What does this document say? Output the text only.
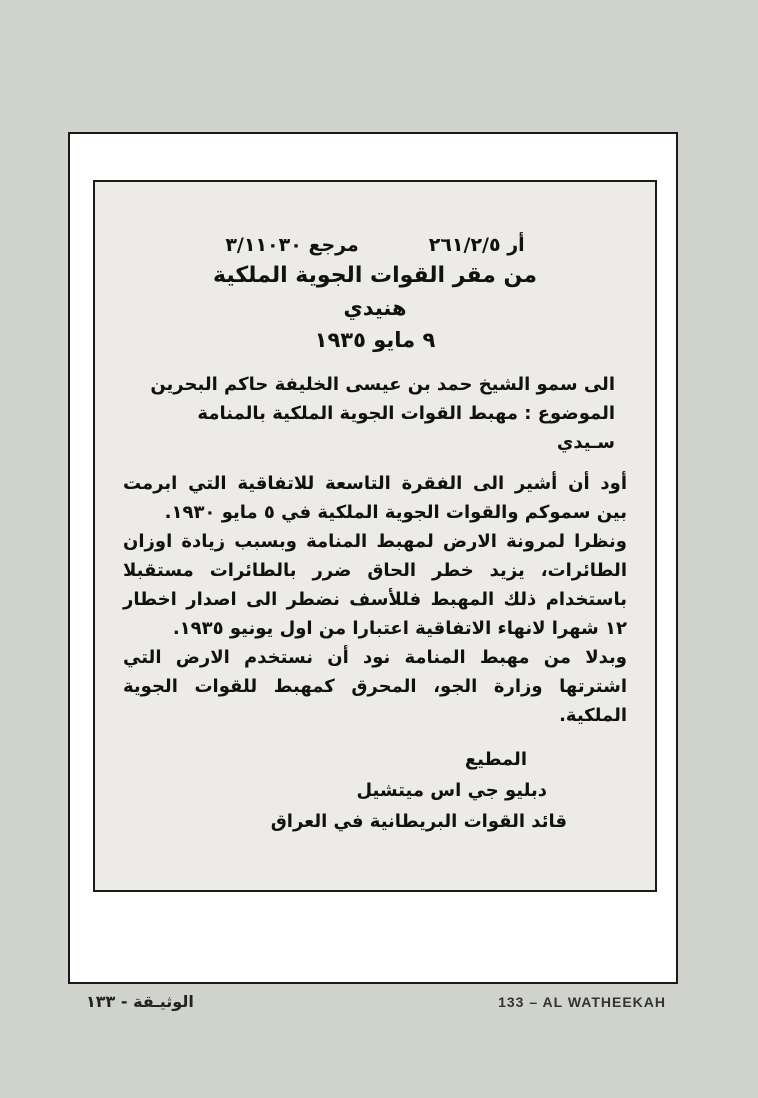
أر ٢٦١/٢/٥
مرجع ٣/١١٠٣٠
من مقر القوات الجوية الملكية
هنيدي
٩ مايو ١٩٣٥
الى سمو الشيخ حمد بن عيسى الخليفة حاكم البحرين
الموضوع : مهبط القوات الجوية الملكية بالمنامة
سـيدي
أود أن أشير الى الفقرة التاسعة للاتفاقية التي ابرمت بين سموكم والقوات الجوية الملكية في ٥ مايو ١٩٣٠.
ونظرا لمرونة الارض لمهبط المنامة وبسبب زيادة اوزان الطائرات، يزيد خطر الحاق ضرر بالطائرات مستقبلا باستخدام ذلك المهبط فللأسف نضطر الى اصدار اخطار ١٢ شهرا لانهاء الاتفاقية اعتبارا من اول يونيو ١٩٣٥.
وبدلا من مهبط المنامة نود أن نستخدم الارض التي اشترتها وزارة الجو، المحرق كمهبط للقوات الجوية الملكية.
المطيع
دبليو جي اس ميتشيل
قائد القوات البريطانية في العراق
الوثيـقة - ١٣٣	133 – AL WATHEEKAH
